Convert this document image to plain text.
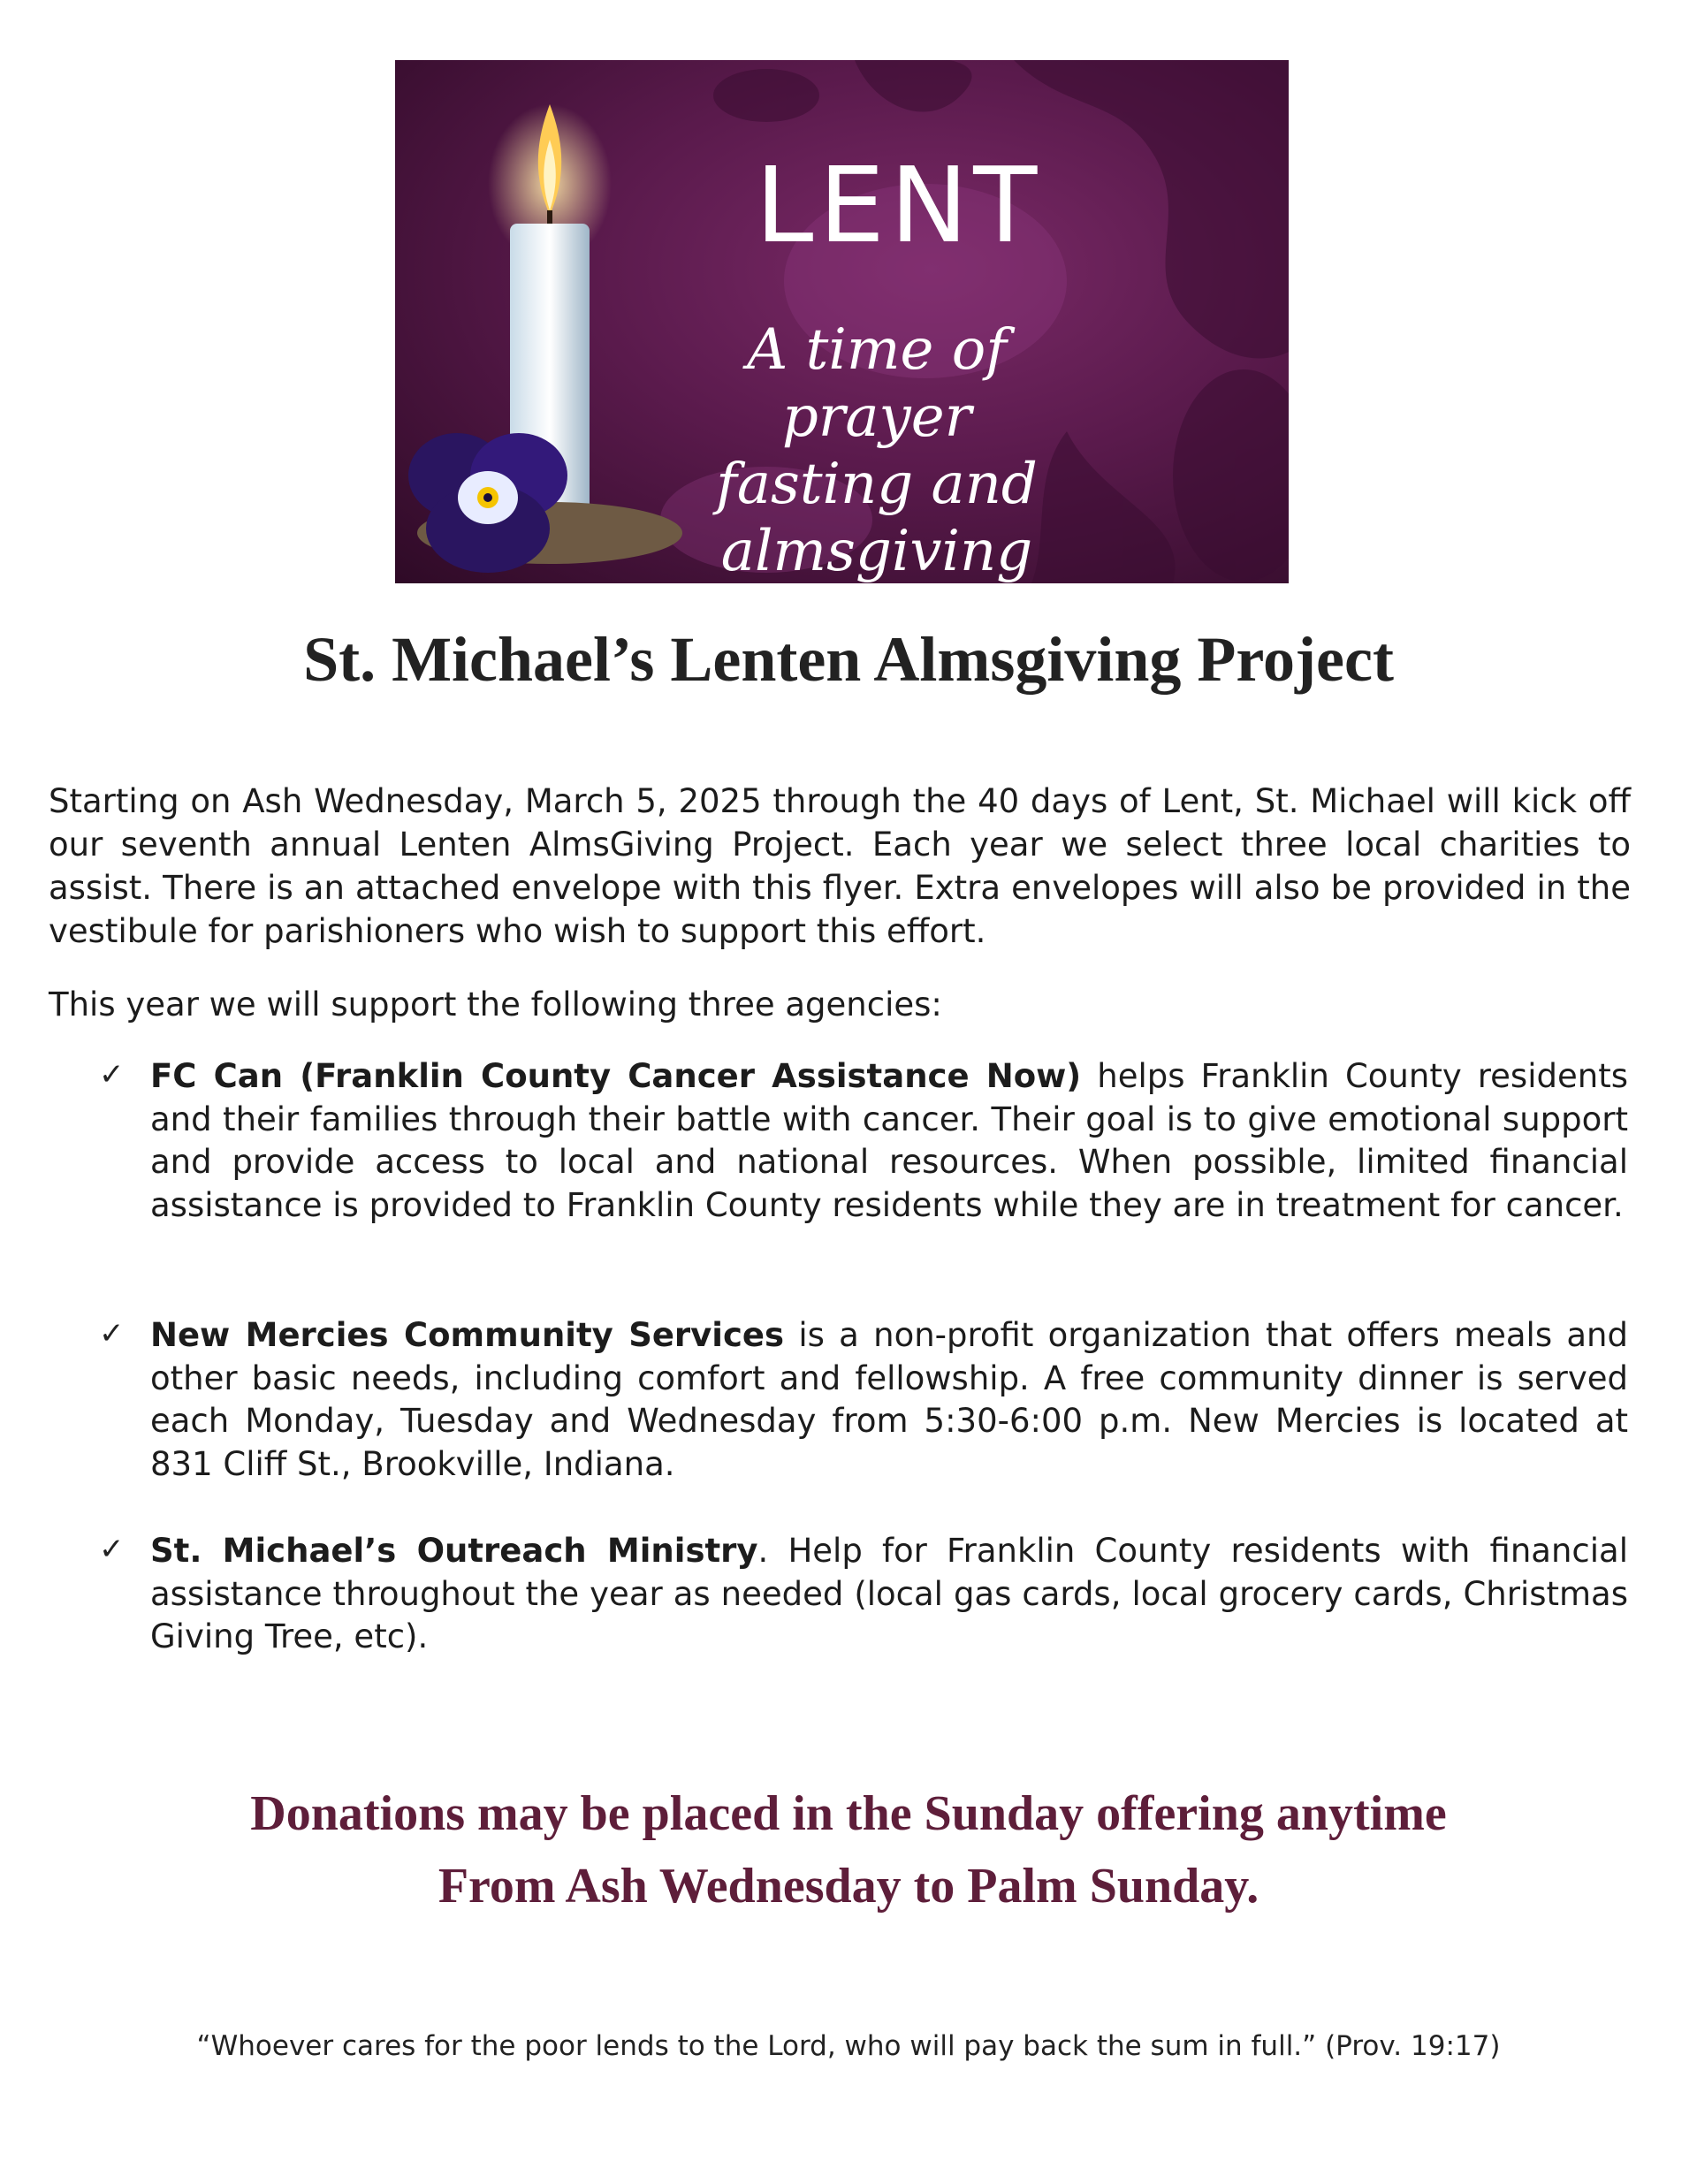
LENT
A time of prayer
fasting and
almsgiving
St. Michael’s Lenten Almsgiving Project
Starting on Ash Wednesday, March 5, 2025 through the 40 days of Lent, St. Michael will kick off our seventh annual Lenten AlmsGiving Project. Each year we select three local charities to assist. There is an attached envelope with this flyer. Extra envelopes will also be provided in the vestibule for parishioners who wish to support this effort.
This year we will support the following three agencies:
✓ FC Can (Franklin County Cancer Assistance Now) helps Franklin County residents and their families through their battle with cancer. Their goal is to give emotional support and provide access to local and national resources. When possible, limited financial assistance is provided to Franklin County residents while they are in treatment for cancer.
✓ New Mercies Community Services is a non-profit organization that offers meals and other basic needs, including comfort and fellowship. A free community dinner is served each Monday, Tuesday and Wednesday from 5:30-6:00 p.m. New Mercies is located at 831 Cliff St., Brookville, Indiana.
✓ St. Michael’s Outreach Ministry. Help for Franklin County residents with financial assistance throughout the year as needed (local gas cards, local grocery cards, Christmas Giving Tree, etc).
Donations may be placed in the Sunday offering anytime
From Ash Wednesday to Palm Sunday.
“Whoever cares for the poor lends to the Lord, who will pay back the sum in full.” (Prov. 19:17)
